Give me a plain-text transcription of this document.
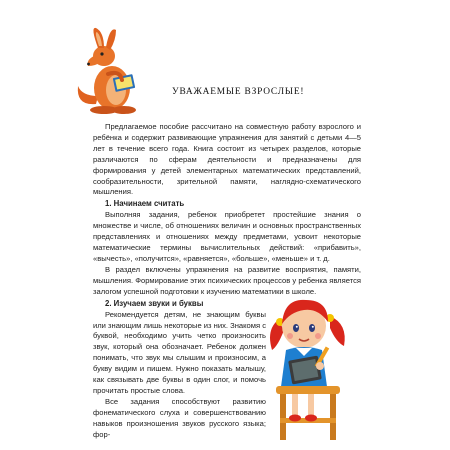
УВАЖАЕМЫЕ ВЗРОСЛЫЕ!

Предлагаемое пособие рассчитано на совместную работу взрослого и ребёнка и содержит развивающие упражнения для занятий с детьми 4—5 лет в течение всего года. Книга состоит из четырех разделов, которые различаются по сферам деятельности и предназначены для формирования у детей элементарных математических представлений, сообразительности, зрительной памяти, наглядно-схематического мышления.

1. Начинаем считать

Выполняя задания, ребенок приобретет простейшие знания о множестве и числе, об отношениях величин и основных пространственных представлениях и отношениях между предметами, усвоит некоторые математические термины вычислительных действий: «прибавить», «вычесть», «получится», «равняется», «больше», «меньше» и т. д.

В раздел включены упражнения на развитие восприятия, памяти, мышления. Формирование этих психических процессов у ребенка является залогом успешной подготовки к изучению математики в школе.

2. Изучаем звуки и буквы

Рекомендуется детям, не знающим буквы или знающим лишь некоторые из них. Знакомя с буквой, необходимо учить четко произносить звук, который она обозначает. Ребенок должен понимать, что звук мы слышим и произносим, а букву видим и пишем. Нужно показать малышу, как связывать две буквы в один слог, и помочь прочитать простые слова.

Все задания способствуют развитию фонематического слуха и совершенствованию навыков произношения звуков русского языка; фор-
